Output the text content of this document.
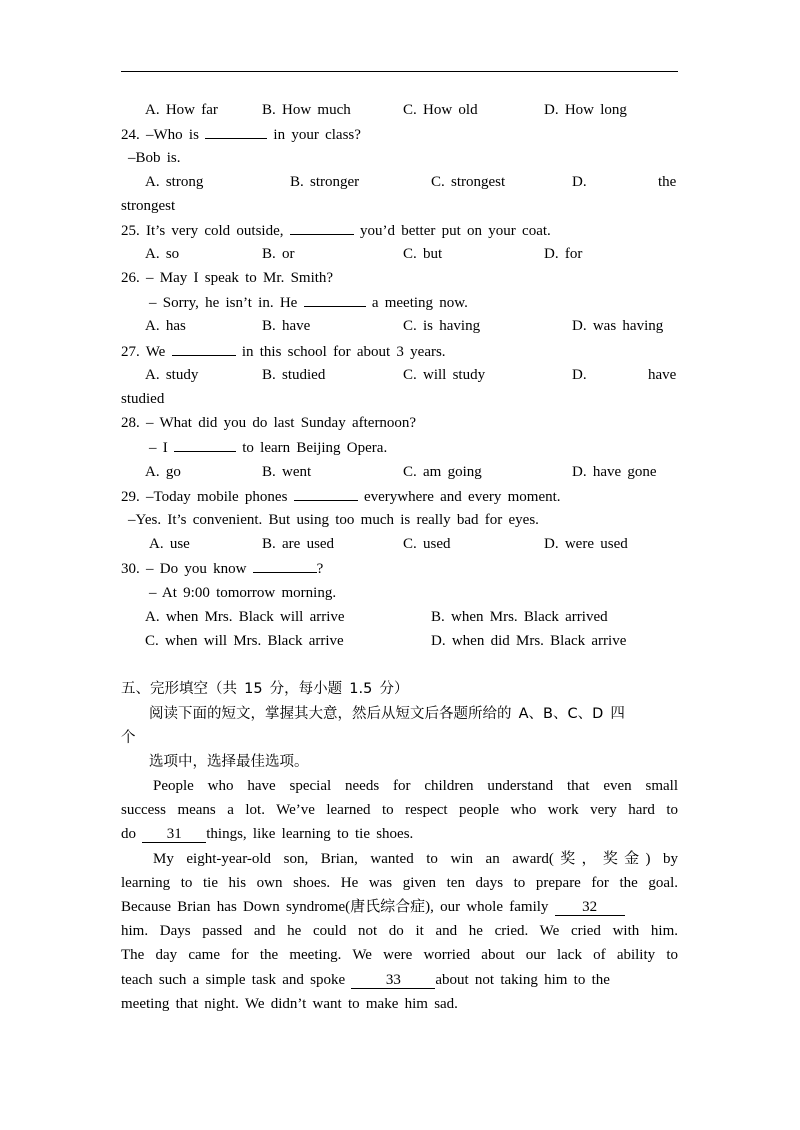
A. How far	B. How much	C. How old	D. How long
24. –Who is	in your class?
–Bob is.
A. strong	B. stronger	C. strongest	D.	the
strongest
25. It’s very cold outside,	you’d better put on your coat.
A. so	B. or	C. but	D. for
26. – May I speak to Mr. Smith?
– Sorry, he isn’t in. He	a meeting now.
A. has	B. have	C. is having	D. was having
27. We	in this school for about 3 years.
A. study	B. studied	C. will study	D.	have
studied
28. – What did you do last Sunday afternoon?
– I	to learn Beijing Opera.
A. go	B. went	C. am going	D. have gone
29. –Today mobile phones	everywhere and every moment.
–Yes. It’s convenient. But using too much is really bad for eyes.
A. use	B. are used	C. used	D. were used
30. – Do you know	?
– At 9:00 tomorrow morning.
A. when Mrs. Black will arrive	B. when Mrs. Black arrived
C. when will Mrs. Black arrive	D. when did Mrs. Black arrive
五、完形填空（共 15 分，每小题 1.5 分）
阅读下面的短文，掌握其大意，然后从短文后各题所给的 A、B、C、D 四
个
选项中，选择最佳选项。
People who have special needs for children understand that even small
success means a lot. We’ve learned to respect people who work very hard to
do 31 things, like learning to tie shoes.
My eight-year-old son, Brian, wanted to win an award(奖，奖金) by
learning to tie his own shoes. He was given ten days to prepare for the goal.
Because Brian has Down syndrome(唐氏综合症), our whole family 32
him. Days passed and he could not do it and he cried. We cried with him.
The day came for the meeting. We were worried about our lack of ability to
teach such a simple task and spoke 33 about not taking him to the
meeting that night. We didn’t want to make him sad.
